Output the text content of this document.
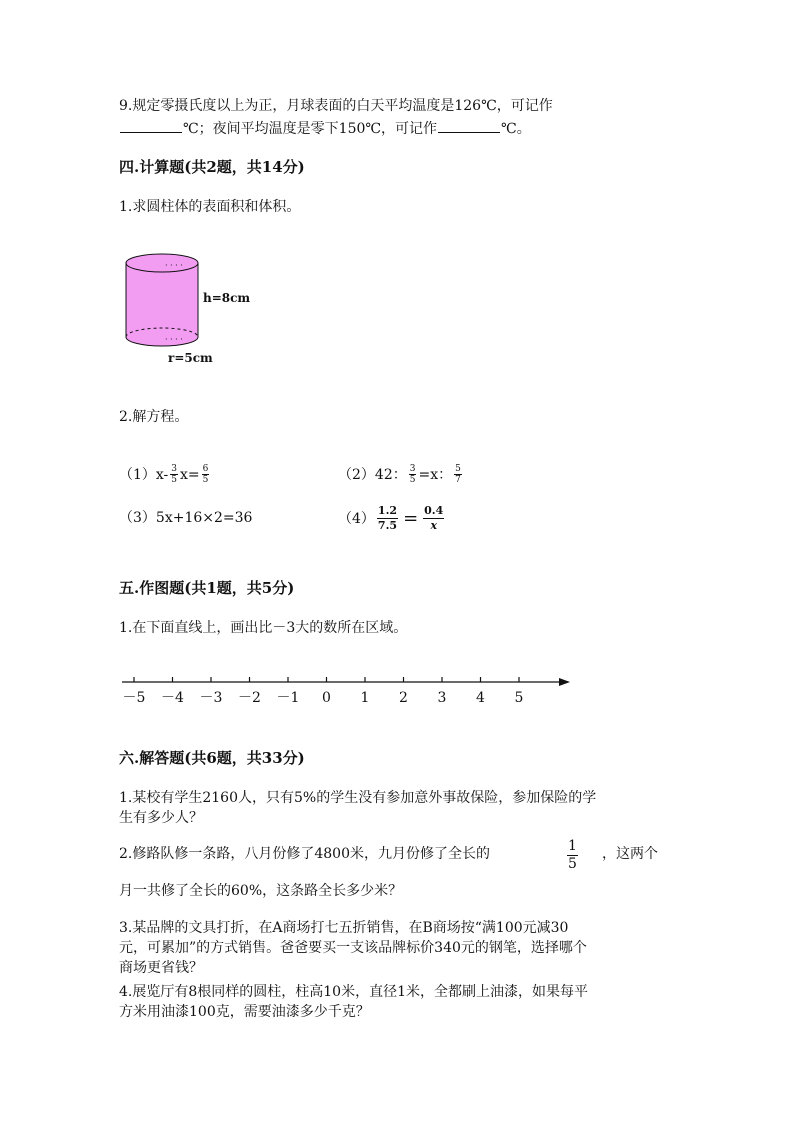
9.规定零摄氏度以上为正，月球表面的白天平均温度是126℃，可记作
℃；夜间平均温度是零下150℃，可记作	℃。
四.计算题(共2题，共14分)
1.求圆柱体的表面积和体积。
· · · ·
· · · ·
h=8cm
r=5cm
2.解方程。
$(1)x- \frac{3}{5} x= \frac{6}{5}$	（2）42： $\frac{3}{5} =x$： $\frac{5}{7}$
（3）5x+16×2=36	$(4) \frac{1.2}{7.5} = \frac{0.4}{x}$
五.作图题(共1题，共5分)
1.在下面直线上，画出比－3大的数所在区域。
－5 －4 －3 －2 －1 0 1 2 3 4 5
六.解答题(共6题，共33分)
1.某校有学生2160人，只有5%的学生没有参加意外事故保险，参加保险的学
生有多少人？
2.修路队修一条路，八月份修了4800米，九月份修了全长的	$\frac{1}{5}$ ，这两个
月一共修了全长的60%，这条路全长多少米？
3.某品牌的文具打折，在A商场打七五折销售，在B商场按“满100元减30
元，可累加”的方式销售。爸爸要买一支该品牌标价340元的钢笔，选择哪个
商场更省钱？
4.展览厅有8根同样的圆柱，柱高10米，直径1米，全都刷上油漆，如果每平
方米用油漆100克，需要油漆多少千克？
